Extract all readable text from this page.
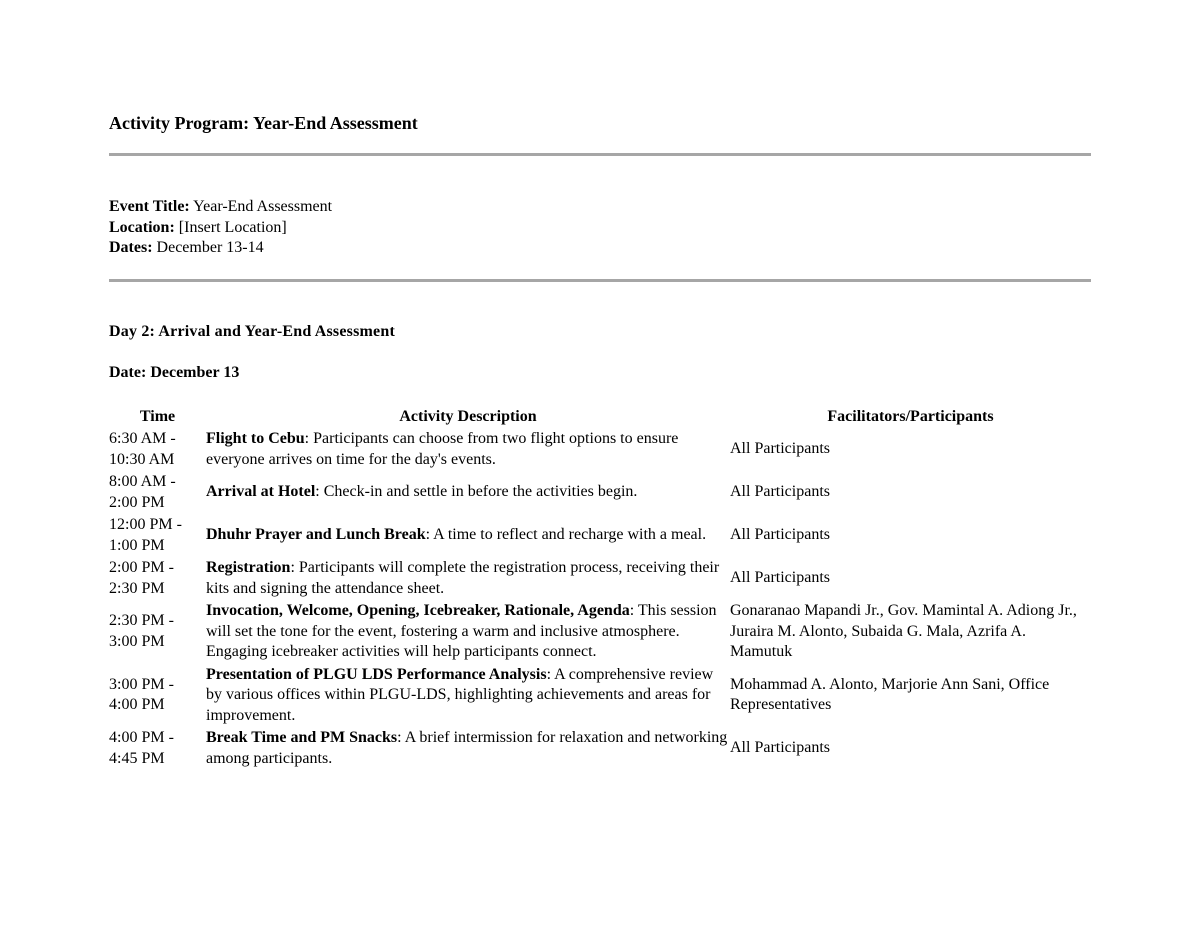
Activity Program: Year-End Assessment
Event Title: Year-End Assessment
Location: [Insert Location]
Dates: December 13-14
Day 2: Arrival and Year-End Assessment
Date: December 13
Time	Activity Description	Facilitators/Participants
6:30 AM - 10:30 AM	Flight to Cebu: Participants can choose from two flight options to ensure everyone arrives on time for the day's events.	All Participants
8:00 AM - 2:00 PM	Arrival at Hotel: Check-in and settle in before the activities begin.	All Participants
12:00 PM - 1:00 PM	Dhuhr Prayer and Lunch Break: A time to reflect and recharge with a meal.	All Participants
2:00 PM - 2:30 PM	Registration: Participants will complete the registration process, receiving their kits and signing the attendance sheet.	All Participants
2:30 PM - 3:00 PM	Invocation, Welcome, Opening, Icebreaker, Rationale, Agenda: This session will set the tone for the event, fostering a warm and inclusive atmosphere. Engaging icebreaker activities will help participants connect.	Gonaranao Mapandi Jr., Gov. Mamintal A. Adiong Jr., Juraira M. Alonto, Subaida G. Mala, Azrifa A. Mamutuk
3:00 PM - 4:00 PM	Presentation of PLGU LDS Performance Analysis: A comprehensive review by various offices within PLGU-LDS, highlighting achievements and areas for improvement.	Mohammad A. Alonto, Marjorie Ann Sani, Office Representatives
4:00 PM - 4:45 PM	Break Time and PM Snacks: A brief intermission for relaxation and networking among participants.	All Participants
